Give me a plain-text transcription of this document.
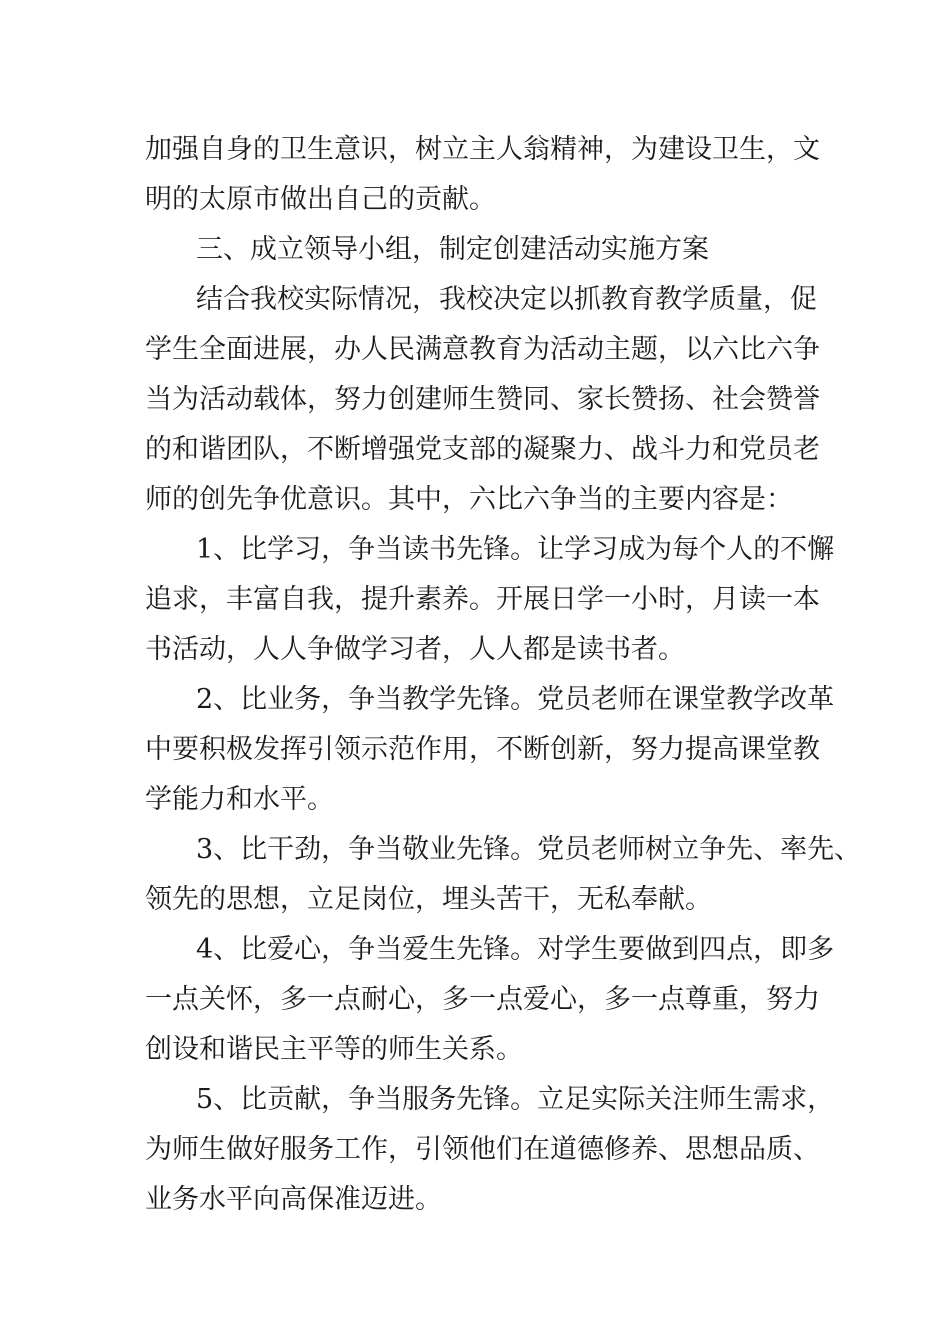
加强自身的卫生意识，树立主人翁精神，为建设卫生，文
明的太原市做出自己的贡献。
三、成立领导小组，制定创建活动实施方案
结合我校实际情况，我校决定以抓教育教学质量，促
学生全面进展，办人民满意教育为活动主题，以六比六争
当为活动载体，努力创建师生赞同、家长赞扬、社会赞誉
的和谐团队，不断增强党支部的凝聚力、战斗力和党员老
师的创先争优意识。其中，六比六争当的主要内容是：
1、比学习，争当读书先锋。让学习成为每个人的不懈
追求，丰富自我，提升素养。开展日学一小时，月读一本
书活动，人人争做学习者，人人都是读书者。
2、比业务，争当教学先锋。党员老师在课堂教学改革
中要积极发挥引领示范作用，不断创新，努力提高课堂教
学能力和水平。
3、比干劲，争当敬业先锋。党员老师树立争先、率先、
领先的思想，立足岗位，埋头苦干，无私奉献。
4、比爱心，争当爱生先锋。对学生要做到四点，即多
一点关怀，多一点耐心，多一点爱心，多一点尊重，努力
创设和谐民主平等的师生关系。
5、比贡献，争当服务先锋。立足实际关注师生需求，
为师生做好服务工作，引领他们在道德修养、思想品质、
业务水平向高保准迈进。
